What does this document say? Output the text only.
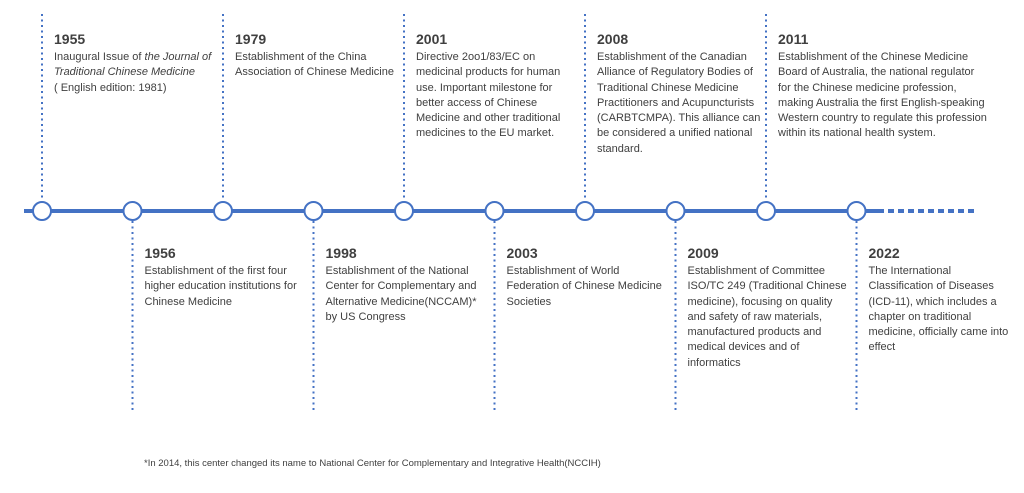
1955
Inaugural Issue of the Journal of Traditional Chinese Medicine
( English edition: 1981)
1956
Establishment of the first four higher education institutions for Chinese Medicine
1979
Establishment of the China Association of Chinese Medicine
1998
Establishment of the National Center for Complementary and Alternative Medicine(NCCAM)* by US Congress
2001
Directive 2oo1/83/EC on medicinal products for human use. Important milestone for better access of Chinese Medicine and other traditional medicines to the EU market.
2003
Establishment of World Federation of Chinese Medicine Societies
2008
Establishment of the Canadian Alliance of Regulatory Bodies of Traditional Chinese Medicine Practitioners and Acupuncturists (CARBTCMPA). This alliance can be considered a unified national standard.
2009
Establishment of Committee ISO/TC 249 (Traditional Chinese medicine), focusing on quality and safety of raw materials, manufactured products and medical devices and of informatics
2011
Establishment of the Chinese Medicine Board of Australia, the national regulator for the Chinese medicine profession, making Australia the first English-speaking Western country to regulate this profession within its national health system.
2022
The International Classification of Diseases (ICD-11), which includes a chapter on traditional medicine, officially came into effect
*In 2014, this center changed its name to National Center for Complementary and Integrative Health(NCCIH)
